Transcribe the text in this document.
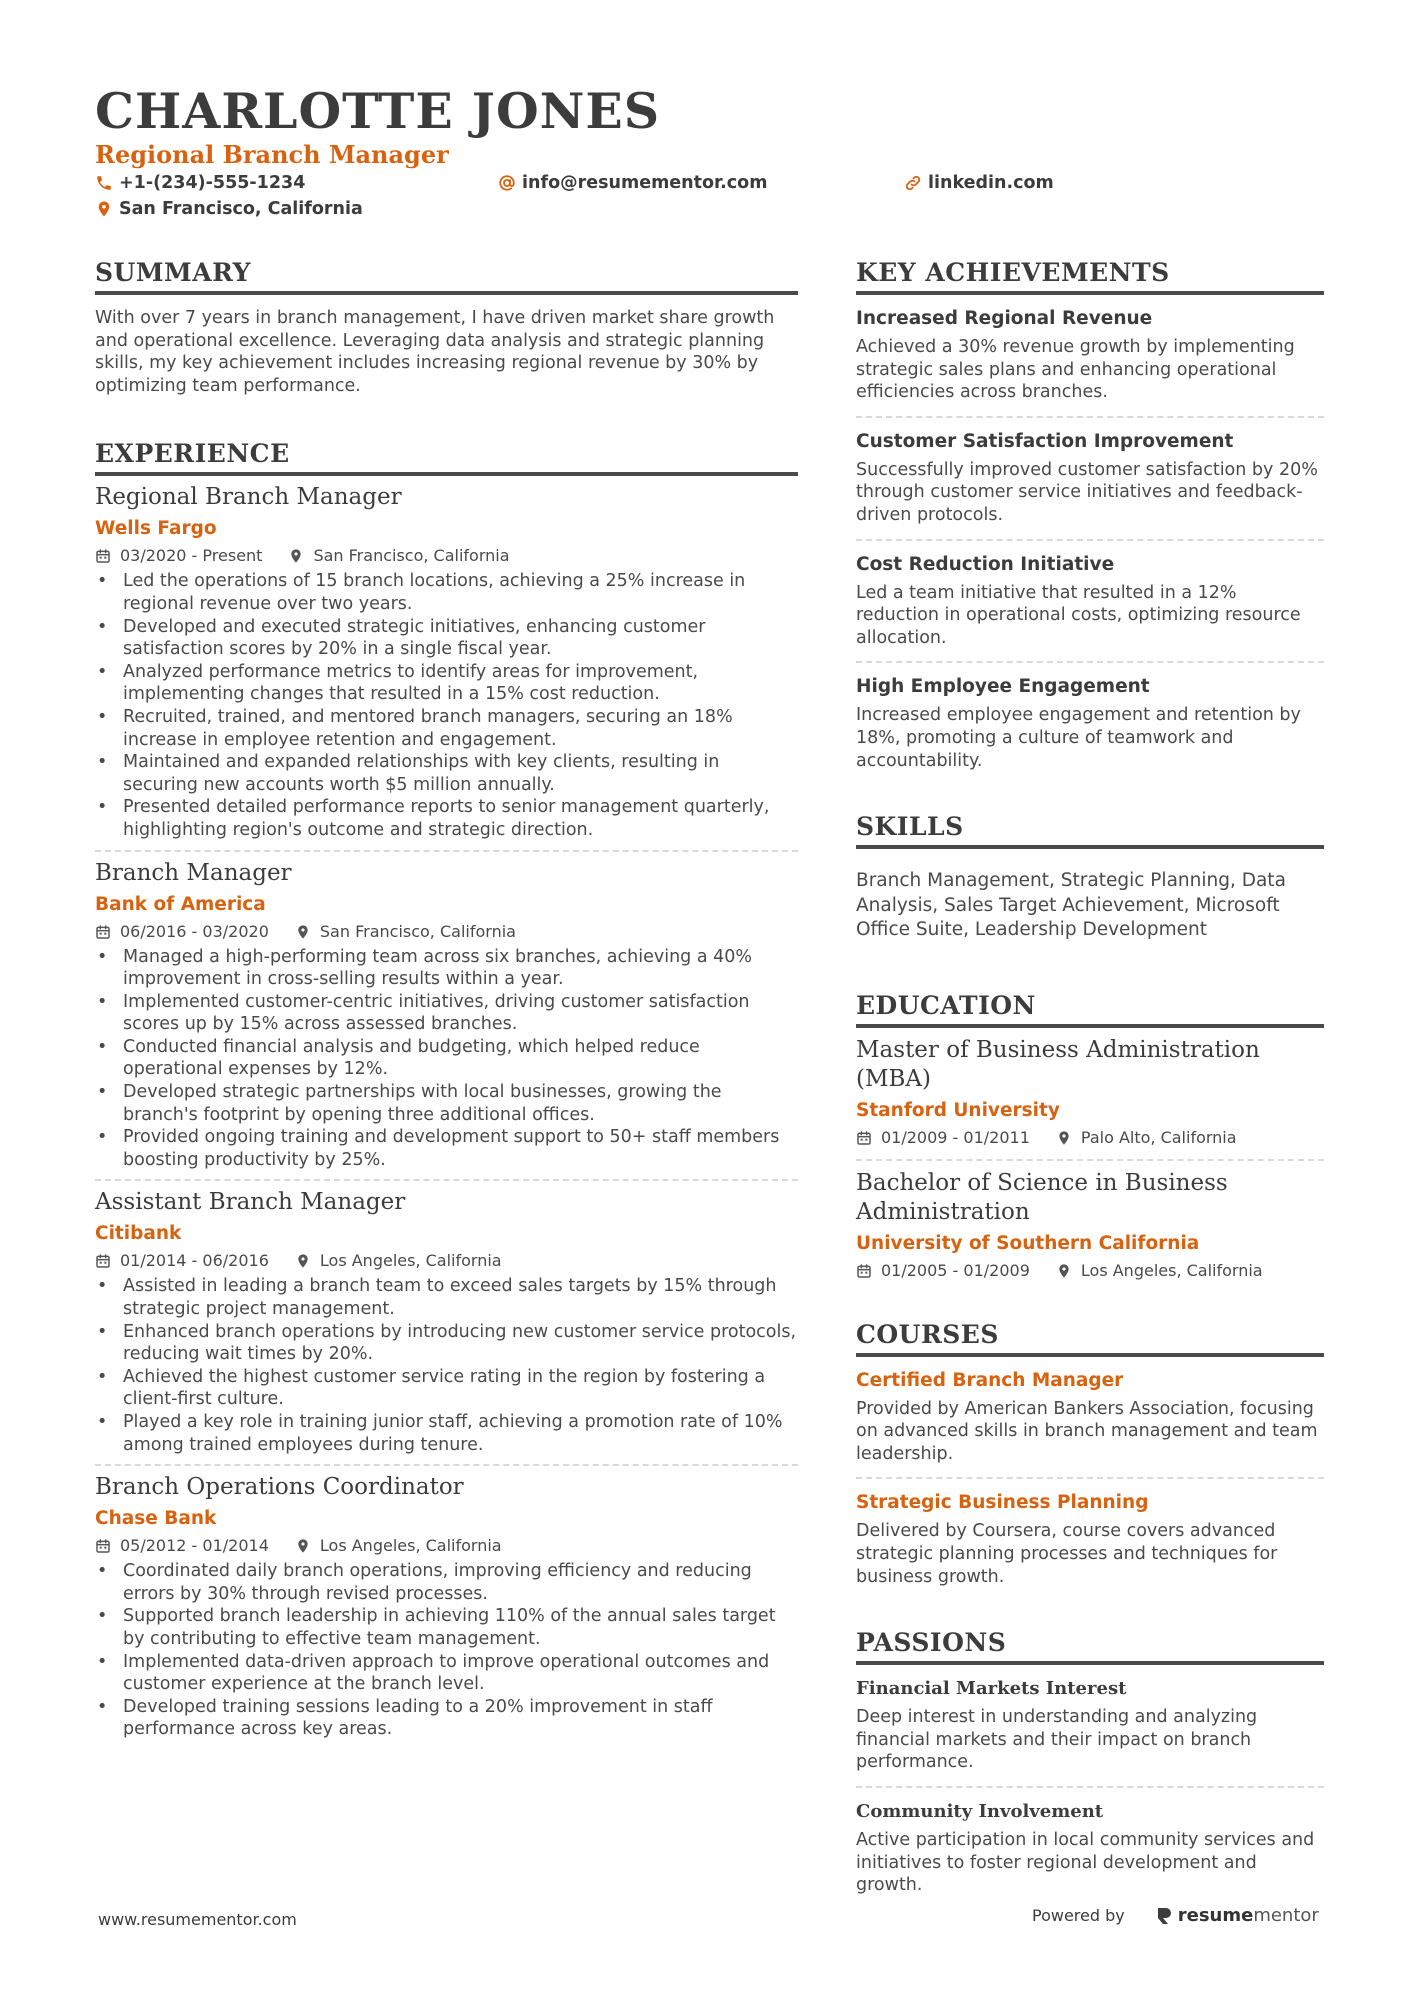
CHARLOTTE JONES
Regional Branch Manager
+1-(234)-555-1234
San Francisco, California
info@resumementor.com	linkedin.com
SUMMARY
With over 7 years in branch management, I have driven market share growth and operational excellence. Leveraging data analysis and strategic planning skills, my key achievement includes increasing regional revenue by 30% by optimizing team performance.
EXPERIENCE
Regional Branch Manager
Wells Fargo
03/2020 - Present	San Francisco, California
• Led the operations of 15 branch locations, achieving a 25% increase in regional revenue over two years.
• Developed and executed strategic initiatives, enhancing customer satisfaction scores by 20% in a single fiscal year.
• Analyzed performance metrics to identify areas for improvement, implementing changes that resulted in a 15% cost reduction.
• Recruited, trained, and mentored branch managers, securing an 18% increase in employee retention and engagement.
• Maintained and expanded relationships with key clients, resulting in securing new accounts worth $5 million annually.
• Presented detailed performance reports to senior management quarterly, highlighting region's outcome and strategic direction.
Branch Manager
Bank of America
06/2016 - 03/2020	San Francisco, California
• Managed a high-performing team across six branches, achieving a 40% improvement in cross-selling results within a year.
• Implemented customer-centric initiatives, driving customer satisfaction scores up by 15% across assessed branches.
• Conducted financial analysis and budgeting, which helped reduce operational expenses by 12%.
• Developed strategic partnerships with local businesses, growing the branch's footprint by opening three additional offices.
• Provided ongoing training and development support to 50+ staff members boosting productivity by 25%.
Assistant Branch Manager
Citibank
01/2014 - 06/2016	Los Angeles, California
• Assisted in leading a branch team to exceed sales targets by 15% through strategic project management.
• Enhanced branch operations by introducing new customer service protocols, reducing wait times by 20%.
• Achieved the highest customer service rating in the region by fostering a client-first culture.
• Played a key role in training junior staff, achieving a promotion rate of 10% among trained employees during tenure.
Branch Operations Coordinator
Chase Bank
05/2012 - 01/2014	Los Angeles, California
• Coordinated daily branch operations, improving efficiency and reducing errors by 30% through revised processes.
• Supported branch leadership in achieving 110% of the annual sales target by contributing to effective team management.
• Implemented data-driven approach to improve operational outcomes and customer experience at the branch level.
• Developed training sessions leading to a 20% improvement in staff performance across key areas.
KEY ACHIEVEMENTS
Increased Regional Revenue
Achieved a 30% revenue growth by implementing strategic sales plans and enhancing operational efficiencies across branches.
Customer Satisfaction Improvement
Successfully improved customer satisfaction by 20% through customer service initiatives and feedback-driven protocols.
Cost Reduction Initiative
Led a team initiative that resulted in a 12% reduction in operational costs, optimizing resource allocation.
High Employee Engagement
Increased employee engagement and retention by 18%, promoting a culture of teamwork and accountability.
SKILLS
Branch Management, Strategic Planning, Data Analysis, Sales Target Achievement, Microsoft Office Suite, Leadership Development
EDUCATION
Master of Business Administration (MBA)
Stanford University
01/2009 - 01/2011	Palo Alto, California
Bachelor of Science in Business Administration
University of Southern California
01/2005 - 01/2009	Los Angeles, California
COURSES
Certified Branch Manager
Provided by American Bankers Association, focusing on advanced skills in branch management and team leadership.
Strategic Business Planning
Delivered by Coursera, course covers advanced strategic planning processes and techniques for business growth.
PASSIONS
Financial Markets Interest
Deep interest in understanding and analyzing financial markets and their impact on branch performance.
Community Involvement
Active participation in local community services and initiatives to foster regional development and growth.
www.resumementor.com	Powered by	resume mentor
